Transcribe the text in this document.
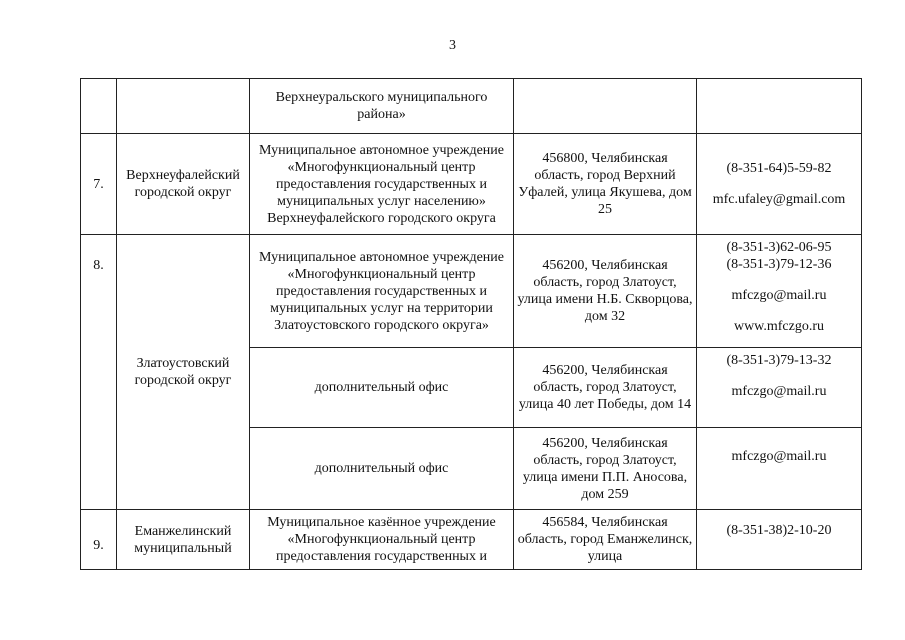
3
		Верхнеуральского муниципального района»		
7.	Верхнеуфалейский городской округ	Муниципальное автономное учреждение «Многофункциональный центр предоставления государственных и муниципальных услуг населению» Верхнеуфалейского городского округа	456800, Челябинская область, город Верхний Уфалей, улица Якушева, дом 25	(8-351-64)5-59-82
mfc.ufaley@gmail.com

8.	Златоустовский городской округ	Муниципальное автономное учреждение «Многофункциональный центр предоставления государственных и муниципальных услуг на территории Златоустовского городского округа»	456200, Челябинская область, город Златоуст, улица имени Н.Б. Скворцова, дом 32	(8-351-3)62-06-95
(8-351-3)79-12-36
mfczgo@mail.ru
www.mfczgo.ru

		дополнительный офис	456200, Челябинская область, город Златоуст, улица 40 лет Победы, дом 14	(8-351-3)79-13-32
mfczgo@mail.ru

		дополнительный офис	456200, Челябинская область, город Златоуст, улица имени П.П. Аносова, дом 259	mfczgo@mail.ru

9.	Еманжелинский муниципальный	Муниципальное казённое учреждение «Многофункциональный центр предоставления государственных и	456584, Челябинская область, город Еманжелинск, улица	(8-351-38)2-10-20
